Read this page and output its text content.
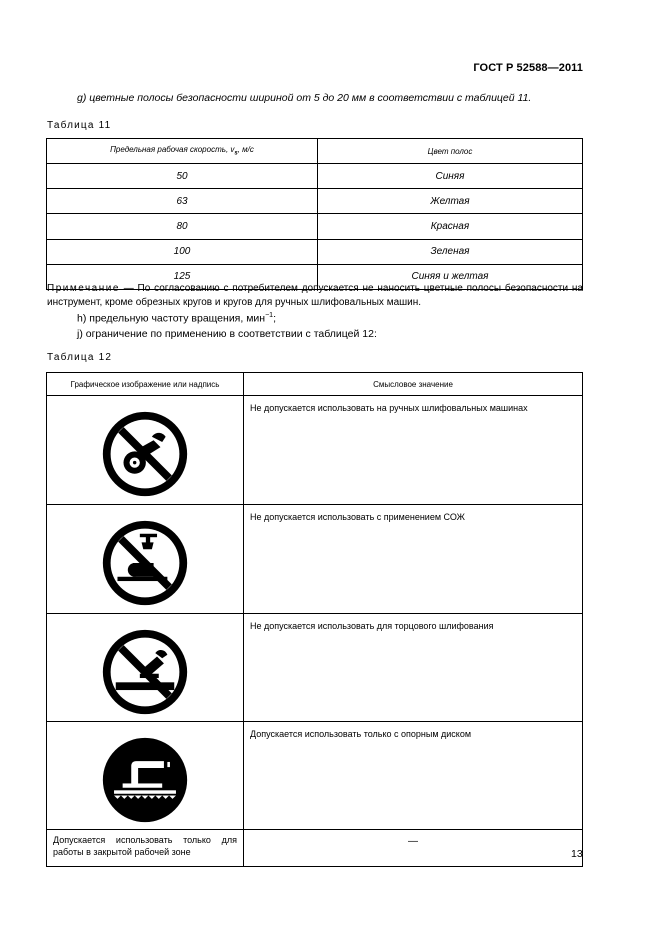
ГОСТ Р 52588—2011
g) цветные полосы безопасности шириной от 5 до 20 мм в соответствии с таблицей 11.
Таблица 11
Предельная рабочая скорость, $v_s$, м/с	Цвет полос
50	Синяя
63	Желтая
80	Красная
100	Зеленая
125	Синяя и желтая
Примечание — По согласованию с потребителем допускается не наносить цветные полосы безопасности на инструмент, кроме обрезных кругов и кругов для ручных шлифовальных машин.
h) предельную частоту вращения, мин$^{-1}$;
j) ограничение по применению в соответствии с таблицей 12:
Таблица 12
Графическое изображение или надпись	Смысловое значение

	Не допускается использовать на ручных шлифовальных машинах

	Не допускается использовать с применением СОЖ

	Не допускается использовать для торцового шлифования

	Допускается использовать только с опорным диском
Допускается использовать только для работы в закрытой рабочей зоне	—
13
